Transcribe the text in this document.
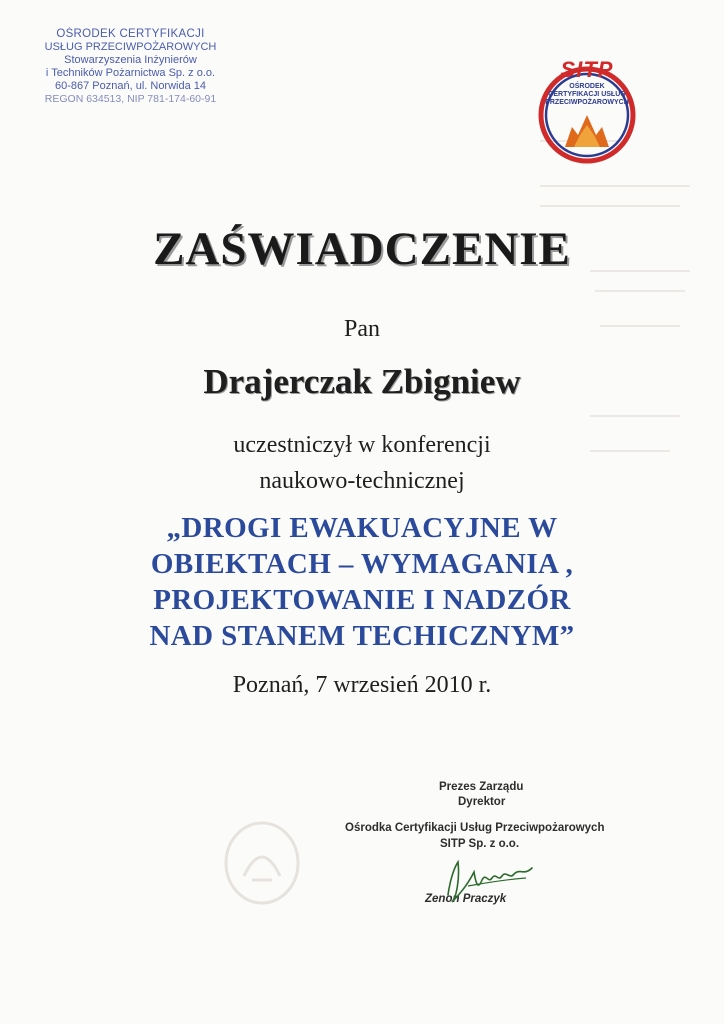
OŚRODEK CERTYFIKACJI
USŁUG PRZECIWPOŻAROWYCH
Stowarzyszenia Inżynierów
i Techników Pożarnictwa Sp. z o.o.
60-867 Poznań, ul. Norwida 14
REGON 634513, NIP 781-174-60-91
SITP
OŚRODEK
CERTYFIKACJI USŁUG
PRZECIWPOŻAROWYCH
ZAŚWIADCZENIE
Pan
Drajerczak Zbigniew
uczestniczył w konferencji
naukowo-technicznej
„DROGI EWAKUACYJNE W
OBIEKTACH – WYMAGANIA ,
PROJEKTOWANIE I NADZÓR
NAD STANEM TECHICZNYM”
Poznań, 7 wrzesień 2010 r.
Prezes Zarządu
Dyrektor
Ośrodka Certyfikacji Usług Przeciwpożarowych
SITP Sp. z o.o.
Zenon Praczyk
